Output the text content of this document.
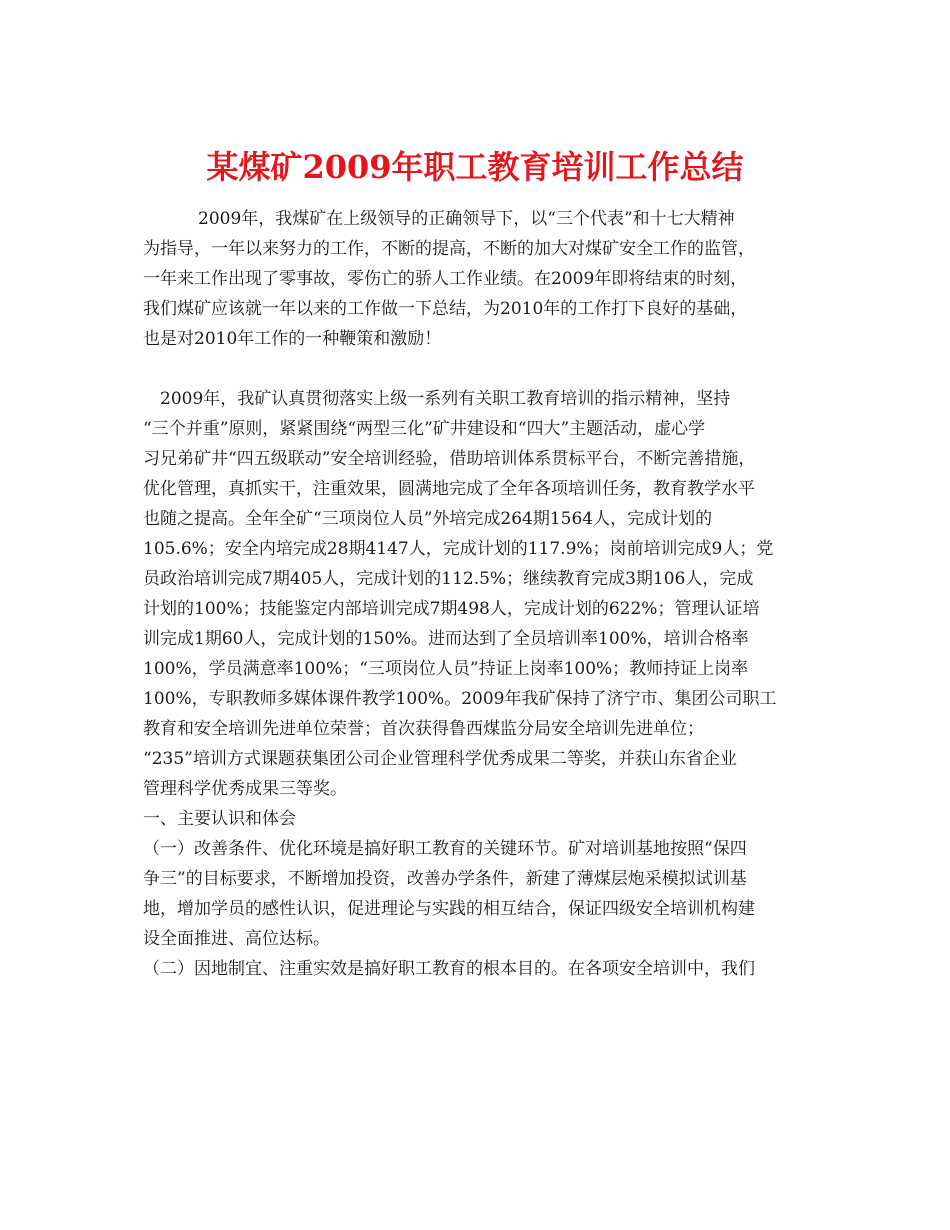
某煤矿2009年职工教育培训工作总结
2009年，我煤矿在上级领导的正确领导下，以“三个代表”和十七大精神
为指导，一年以来努力的工作，不断的提高，不断的加大对煤矿安全工作的监管，
一年来工作出现了零事故，零伤亡的骄人工作业绩。在2009年即将结束的时刻，
我们煤矿应该就一年以来的工作做一下总结，为2010年的工作打下良好的基础，
也是对2010年工作的一种鞭策和激励！
2009年，我矿认真贯彻落实上级一系列有关职工教育培训的指示精神，坚持
“三个并重”原则，紧紧围绕“两型三化”矿井建设和“四大”主题活动，虚心学
习兄弟矿井“四五级联动”安全培训经验，借助培训体系贯标平台，不断完善措施，
优化管理，真抓实干，注重效果，圆满地完成了全年各项培训任务，教育教学水平
也随之提高。全年全矿“三项岗位人员”外培完成264期1564人，完成计划的
105.6%；安全内培完成28期4147人，完成计划的117.9%；岗前培训完成9人；党
员政治培训完成7期405人，完成计划的112.5%；继续教育完成3期106人，完成
计划的100%；技能鉴定内部培训完成7期498人，完成计划的622%；管理认证培
训完成1期60人，完成计划的150%。进而达到了全员培训率100%，培训合格率
100%，学员满意率100%；“三项岗位人员”持证上岗率100%；教师持证上岗率
100%，专职教师多媒体课件教学100%。2009年我矿保持了济宁市、集团公司职工
教育和安全培训先进单位荣誉；首次获得鲁西煤监分局安全培训先进单位；
“235”培训方式课题获集团公司企业管理科学优秀成果二等奖，并获山东省企业
管理科学优秀成果三等奖。
一、主要认识和体会
（一）改善条件、优化环境是搞好职工教育的关键环节。矿对培训基地按照“保四
争三”的目标要求，不断增加投资，改善办学条件，新建了薄煤层炮采模拟试训基
地，增加学员的感性认识，促进理论与实践的相互结合，保证四级安全培训机构建
设全面推进、高位达标。
（二）因地制宜、注重实效是搞好职工教育的根本目的。在各项安全培训中，我们
